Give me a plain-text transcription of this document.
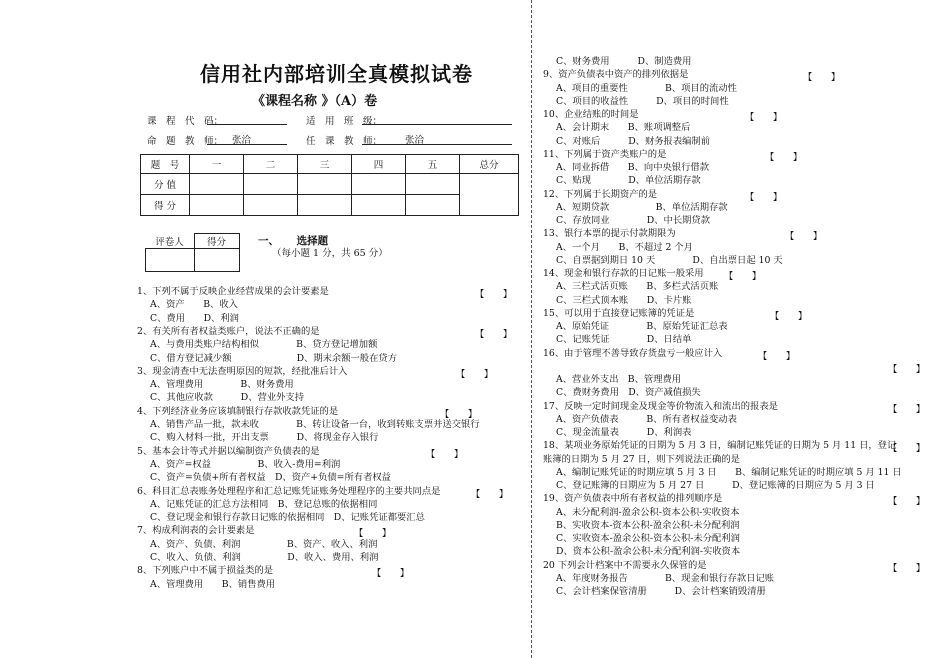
信用社内部培训全真模拟试卷
《课程名称 》（A）卷
课　程　代　码：	适　用　班　级：
命　题　教　师： 张洽	任　课　教　师： 张洽
题　号	一	二	三	四	五	总分
分 值						
得 分						
评卷人	得分
		一、 选择题
（每小题 1 分，共 65 分）
1、下列不属于反映企业经营成果的会计要素是	【　　】
A、资产　　B、收入
C、费用　　D、利润
2、有关所有者权益类账户，说法不正确的是	【　　】
A、与费用类账户结构相似　　　　B、贷方登记增加额
C、借方登记减少额　　　　　　　D、期末余额一般在贷方
3、现金清查中无法查明原因的短款，经批准后计入	【　　】
A、管理费用　　　　B、财务费用
C、其他应收款　　　D、营业外支持
4、下列经济业务应该填制银行存款收款凭证的是	【　　】
A、销售产品一批，款未收　　　　B、转让设备一台，收到转账支票并送交银行
C、购入材料一批，开出支票　　　D、将现金存入银行
5、基本会计等式并据以编制资产负债表的是	【　　】
A、资产=权益　　　　　B、收入-费用=利润
C、资产=负债+所有者权益　D、资产+负债=所有者权益
6、科目汇总表账务处理程序和汇总记账凭证账务处理程序的主要共同点是	【　　】
A、记账凭证的汇总方法相同　B、登记总账的依据相同
C、登记现金和银行存款日记账的依据相同　D、记账凭证都要汇总
7、构成利润表的会计要素是	【　　】
A、资产、负债、利润　　　　　B、资产、收入、利润
C、收入、负债、利润　　　　　D、收入、费用、利润
8、下列账户中不属于损益类的是	【　　】
A、管理费用　　B、销售费用
C、财务费用　　　D、制造费用
9、资产负债表中资产的排列依据是	【　　】
A、项目的重要性　　　　B、项目的流动性
C、项目的收益性　　　D、项目的时间性
10、企业结账的时间是	【　　】
A、会计期末　　B、账项调整后
C、对账后　　　D、财务报表编制前
11、下列属于资产类账户的是	【　　】
A、同业拆借　　B、向中央银行借款
C、贴现　　　　D、单位活期存款
12、下列属于长期资产的是	【　　】
A、短期贷款　　　　　B、单位活期存款
C、存放同业　　　　D、中长期贷款
13、银行本票的提示付款期限为	【　　】
A、一个月　　B、不超过 2 个月
C、自票据到期日 10 天　　　　D、自出票日起 10 天
14、现金和银行存款的日记账一般采用 【　　】
A、三栏式活页账　　B、多栏式活页账
C、三栏式顶本账　　D、卡片账
15、可以用于直接登记账簿的凭证是	【　　】
A、原始凭证　　　　B、原始凭证汇总表
C、记账凭证　　　　D、日结单
16、由于管理不善导致存货盘亏一般应计入	【　　】
【　　】
A、营业外支出　B、管理费用
C、费财务费用　D、资产减值损失
17、反映一定时间现金及现金等价物流入和流出的报表是	【　　】
A、资产负债表　　　B、所有者权益变动表
C、现金流量表　　　D、利润表
18、某项业务原始凭证的日期为 5 月 3 日，编制记账凭证的日期为 5 月 11 日，登记
【　　】
账簿的日期为 5 月 27 日，则下列说法正确的是
A、编制记账凭证的时期应填 5 月 3 日　　B、编制记账凭证的时期应填 5 月 11 日
C、登记账簿的日期应为 5 月 27 日　　　D、登记账簿的日期应为 5 月 3 日
19、资产负债表中所有者权益的排列顺序是	【　　】
A、未分配利润-盈余公积-资本公积-实收资本
B、实收资本-资本公积-盈余公积-未分配利润
C、实收资本-盈余公积-资本公积-未分配利润
D、资本公积-盈余公积-未分配利润-实收资本
20 下列会计档案中不需要永久保管的是	【　　】
A、年度财务报告　　　　B、现金和银行存款日记账
C、会计档案保管清册　　　D、会计档案销毁清册
